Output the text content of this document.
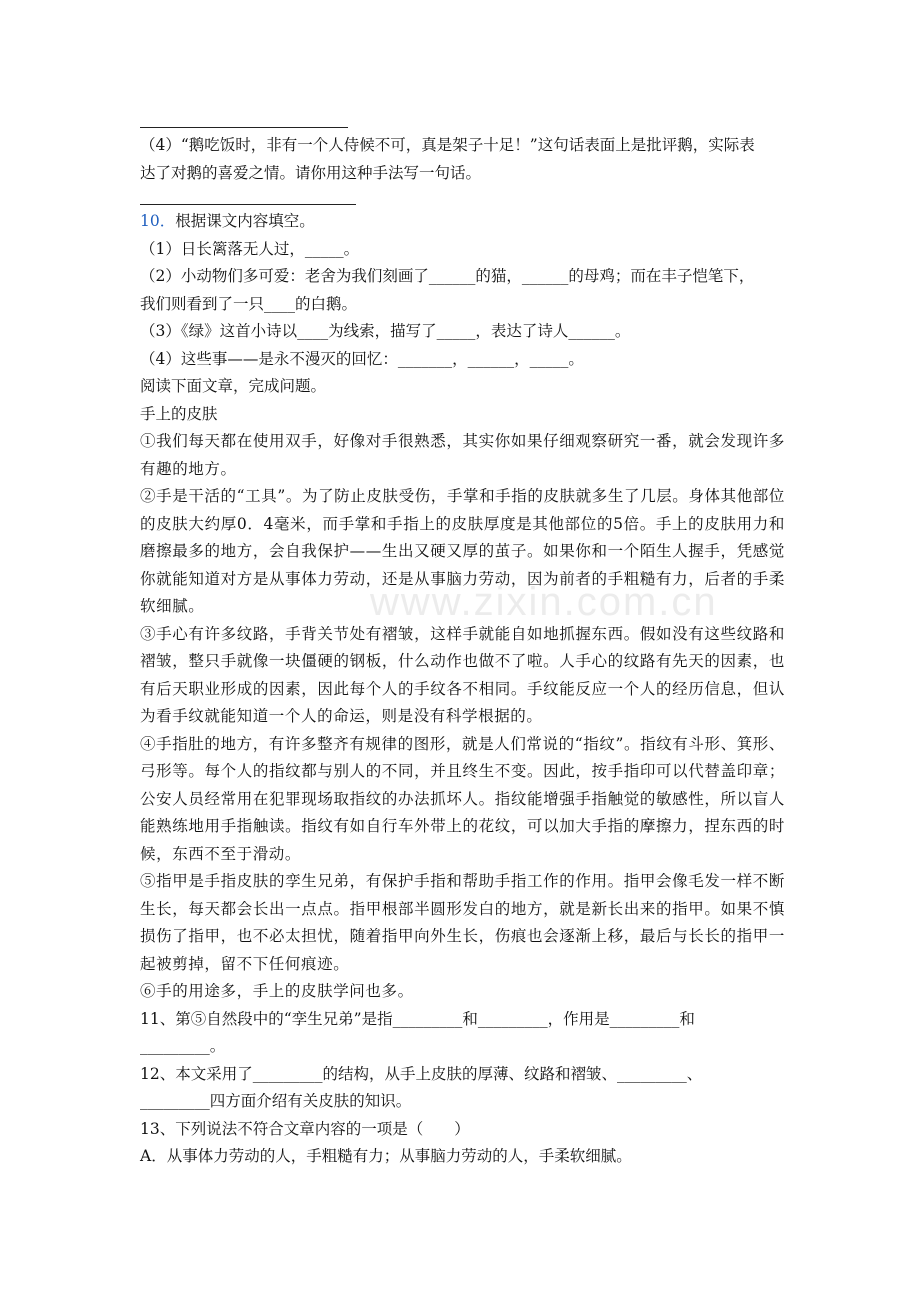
www.zixin.com.cn
（4）“鹅吃饭时，非有一个人侍候不可，真是架子十足！”这句话表面上是批评鹅，实际表
达了对鹅的喜爱之情。请你用这种手法写一句话。
10．根据课文内容填空。
（1）日长篱落无人过，_____。
（2）小动物们多可爱：老舍为我们刻画了______的猫，______的母鸡；而在丰子恺笔下，
我们则看到了一只____的白鹅。
（3）《绿》这首小诗以____为线索，描写了_____，表达了诗人______。
（4）这些事——是永不漫灭的回忆：_______，______，_____。
阅读下面文章，完成问题。
手上的皮肤
①我们每天都在使用双手，好像对手很熟悉，其实你如果仔细观察研究一番，就会发现许多有趣的地方。
②手是干活的“工具”。为了防止皮肤受伤，手掌和手指的皮肤就多生了几层。身体其他部位的皮肤大约厚0．4毫米，而手掌和手指上的皮肤厚度是其他部位的5倍。手上的皮肤用力和磨擦最多的地方，会自我保护——生出又硬又厚的茧子。如果你和一个陌生人握手，凭感觉你就能知道对方是从事体力劳动，还是从事脑力劳动，因为前者的手粗糙有力，后者的手柔软细腻。
③手心有许多纹路，手背关节处有褶皱，这样手就能自如地抓握东西。假如没有这些纹路和褶皱，整只手就像一块僵硬的钢板，什么动作也做不了啦。人手心的纹路有先天的因素，也有后天职业形成的因素，因此每个人的手纹各不相同。手纹能反应一个人的经历信息，但认为看手纹就能知道一个人的命运，则是没有科学根据的。
④手指肚的地方，有许多整齐有规律的图形，就是人们常说的“指纹”。指纹有斗形、箕形、弓形等。每个人的指纹都与别人的不同，并且终生不变。因此，按手指印可以代替盖印章；公安人员经常用在犯罪现场取指纹的办法抓坏人。指纹能增强手指触觉的敏感性，所以盲人能熟练地用手指触读。指纹有如自行车外带上的花纹，可以加大手指的摩擦力，捏东西的时候，东西不至于滑动。
⑤指甲是手指皮肤的孪生兄弟，有保护手指和帮助手指工作的作用。指甲会像毛发一样不断生长，每天都会长出一点点。指甲根部半圆形发白的地方，就是新长出来的指甲。如果不慎损伤了指甲，也不必太担忧，随着指甲向外生长，伤痕也会逐渐上移，最后与长长的指甲一起被剪掉，留不下任何痕迹。
⑥手的用途多，手上的皮肤学问也多。
11、第⑤自然段中的“孪生兄弟”是指_________和_________，作用是_________和
_________。
12、本文采用了_________的结构，从手上皮肤的厚薄、纹路和褶皱、_________、
_________四方面介绍有关皮肤的知识。
13、下列说法不符合文章内容的一项是（　　）
A．从事体力劳动的人，手粗糙有力；从事脑力劳动的人，手柔软细腻。
